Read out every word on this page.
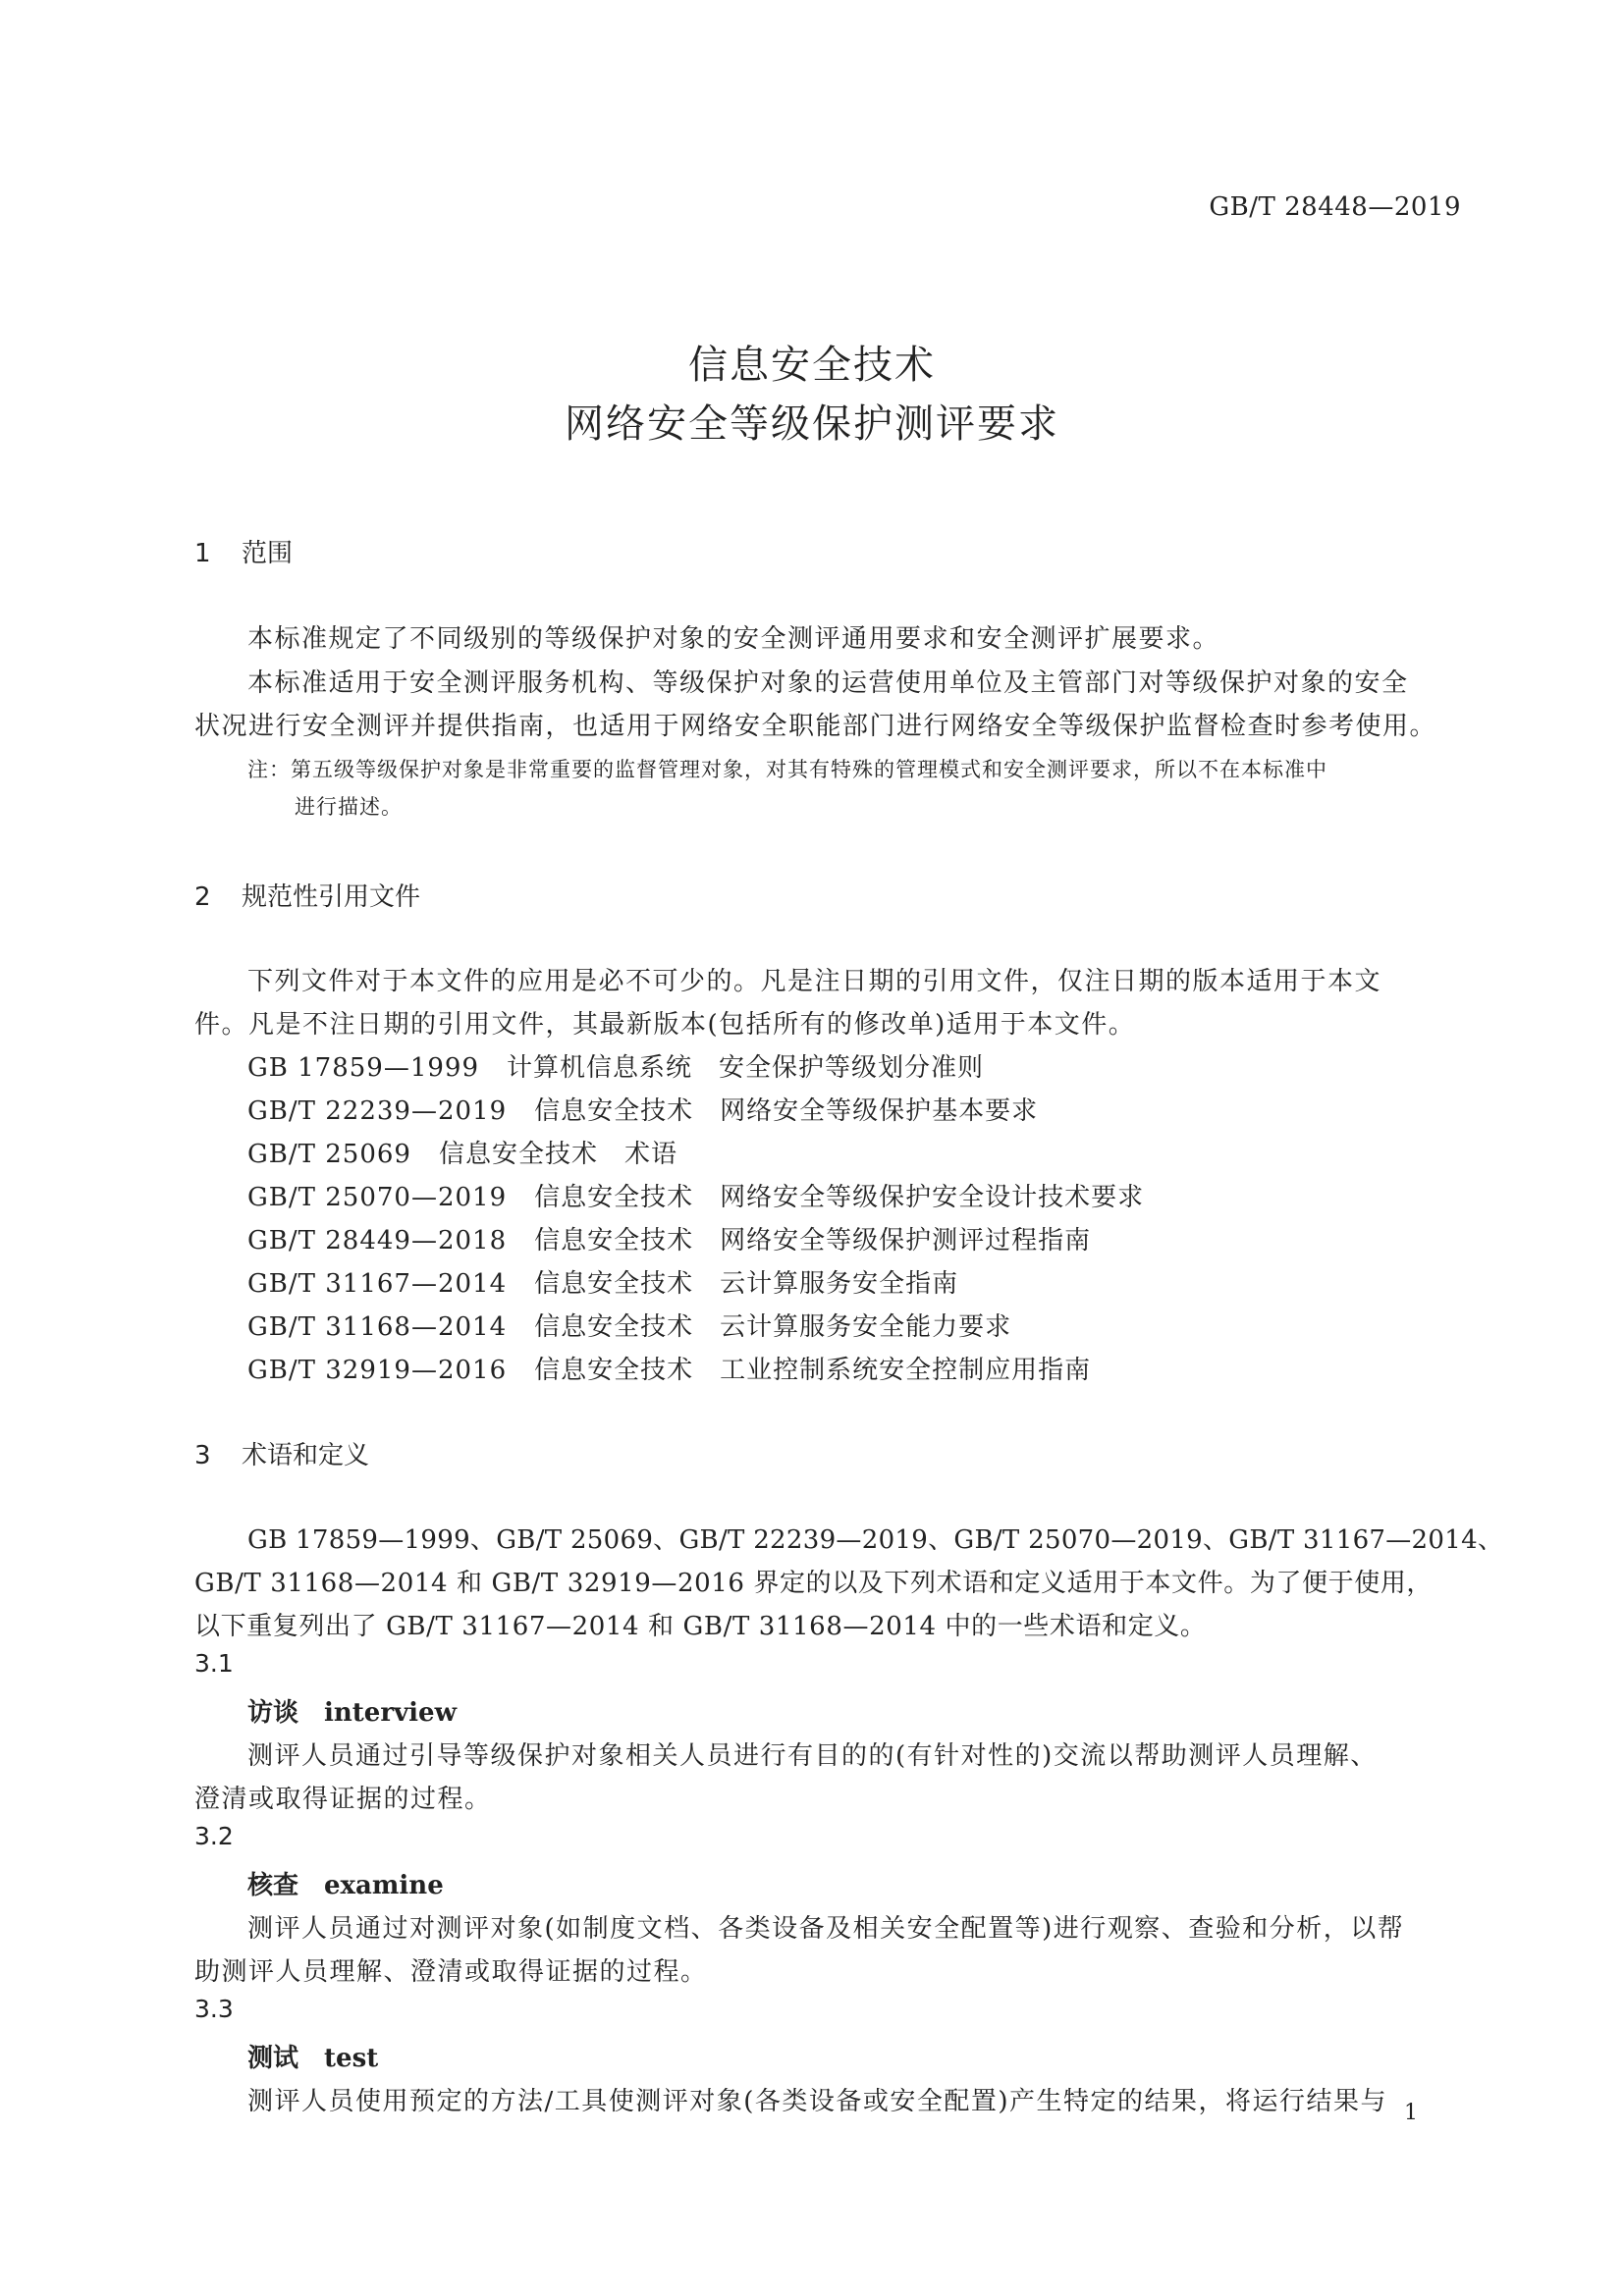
GB/T 28448—2019
信息安全技术
网络安全等级保护测评要求
1 范围
本标准规定了不同级别的等级保护对象的安全测评通用要求和安全测评扩展要求。
本标准适用于安全测评服务机构、等级保护对象的运营使用单位及主管部门对等级保护对象的安全
状况进行安全测评并提供指南，也适用于网络安全职能部门进行网络安全等级保护监督检查时参考使用。
注：第五级等级保护对象是非常重要的监督管理对象，对其有特殊的管理模式和安全测评要求，所以不在本标准中
进行描述。
2 规范性引用文件
下列文件对于本文件的应用是必不可少的。凡是注日期的引用文件，仅注日期的版本适用于本文
件。凡是不注日期的引用文件，其最新版本(包括所有的修改单)适用于本文件。
GB 17859—1999 计算机信息系统　安全保护等级划分准则
GB/T 22239—2019 信息安全技术　网络安全等级保护基本要求
GB/T 25069 信息安全技术　术语
GB/T 25070—2019 信息安全技术　网络安全等级保护安全设计技术要求
GB/T 28449—2018 信息安全技术　网络安全等级保护测评过程指南
GB/T 31167—2014 信息安全技术　云计算服务安全指南
GB/T 31168—2014 信息安全技术　云计算服务安全能力要求
GB/T 32919—2016 信息安全技术　工业控制系统安全控制应用指南
3 术语和定义
GB 17859—1999、GB/T 25069、GB/T 22239—2019、GB/T 25070—2019、GB/T 31167—2014、
GB/T 31168—2014 和 GB/T 32919—2016 界定的以及下列术语和定义适用于本文件。为了便于使用，
以下重复列出了 GB/T 31167—2014 和 GB/T 31168—2014 中的一些术语和定义。
3.1
访谈 interview
测评人员通过引导等级保护对象相关人员进行有目的的(有针对性的)交流以帮助测评人员理解、
澄清或取得证据的过程。
3.2
核查 examine
测评人员通过对测评对象(如制度文档、各类设备及相关安全配置等)进行观察、查验和分析，以帮
助测评人员理解、澄清或取得证据的过程。
3.3
测试 test
测评人员使用预定的方法/工具使测评对象(各类设备或安全配置)产生特定的结果，将运行结果与 1
